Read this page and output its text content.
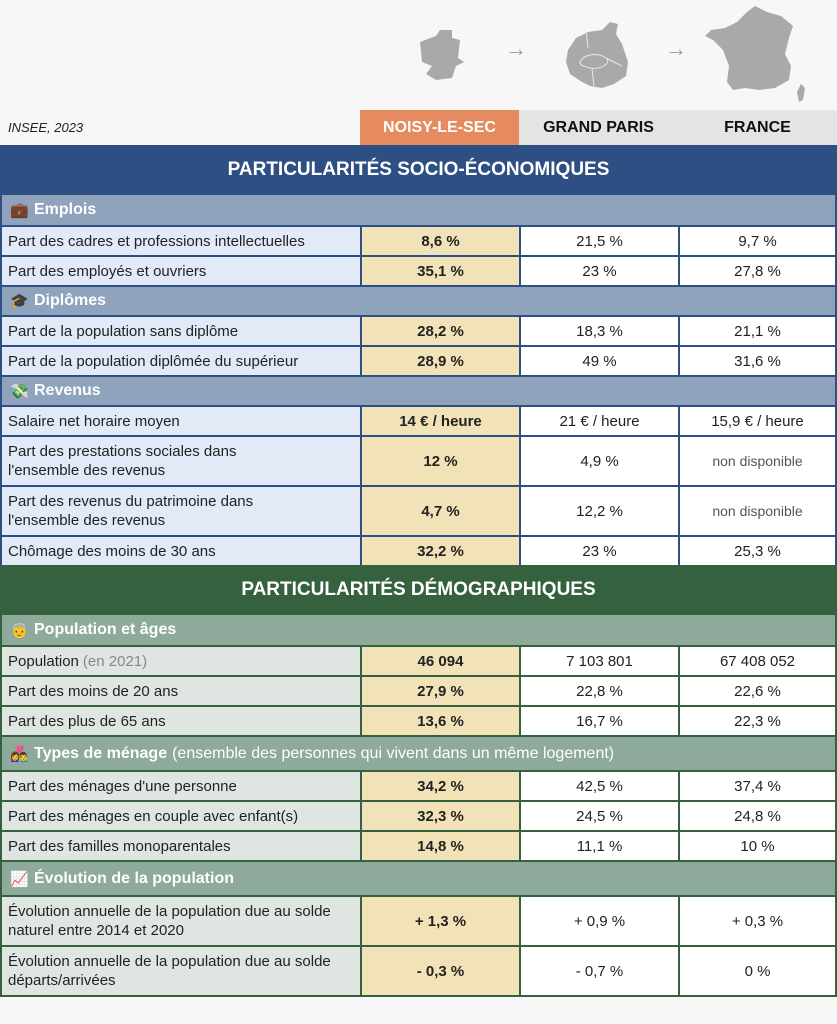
→	→
INSEE, 2023	NOISY-LE-SEC	GRAND PARIS	FRANCE
PARTICULARITÉS SOCIO-ÉCONOMIQUES
💼 Emplois
Part des cadres et professions intellectuelles	8,6 %	21,5 %	9,7 %
Part des employés et ouvriers	35,1 %	23 %	27,8 %
🎓 Diplômes
Part de la population sans diplôme	28,2 %	18,3 %	21,1 %
Part de la population diplômée du supérieur	28,9 %	49 %	31,6 %
💸 Revenus
Salaire net horaire moyen	14 € / heure	21 € / heure	15,9 € / heure
Part des prestations sociales dans l'ensemble des revenus
12 %	4,9 %	non disponible
Part des revenus du patrimoine dans l'ensemble des revenus
4,7 %	12,2 %	non disponible
Chômage des moins de 30 ans	32,2 %	23 %	25,3 %
PARTICULARITÉS DÉMOGRAPHIQUES
👵 Population et âges
Population (en 2021)	46 094	7 103 801	67 408 052
Part des moins de 20 ans	27,9 %	22,8 %	22,6 %
Part des plus de 65 ans	13,6 %	16,7 %	22,3 %
👩‍❤️‍👨 Types de ménage (ensemble des personnes qui vivent dans un même logement)
Part des ménages d'une personne	34,2 %	42,5 %	37,4 %
Part des ménages en couple avec enfant(s)	32,3 %	24,5 %	24,8 %
Part des familles monoparentales	14,8 %	11,1 %	10 %
📈 Évolution de la population
Évolution annuelle de la population due au solde naturel entre 2014 et 2020
+ 1,3 %	+ 0,9 %	+ 0,3 %
Évolution annuelle de la population due au solde départs/arrivées
- 0,3 %	- 0,7 %	0 %
